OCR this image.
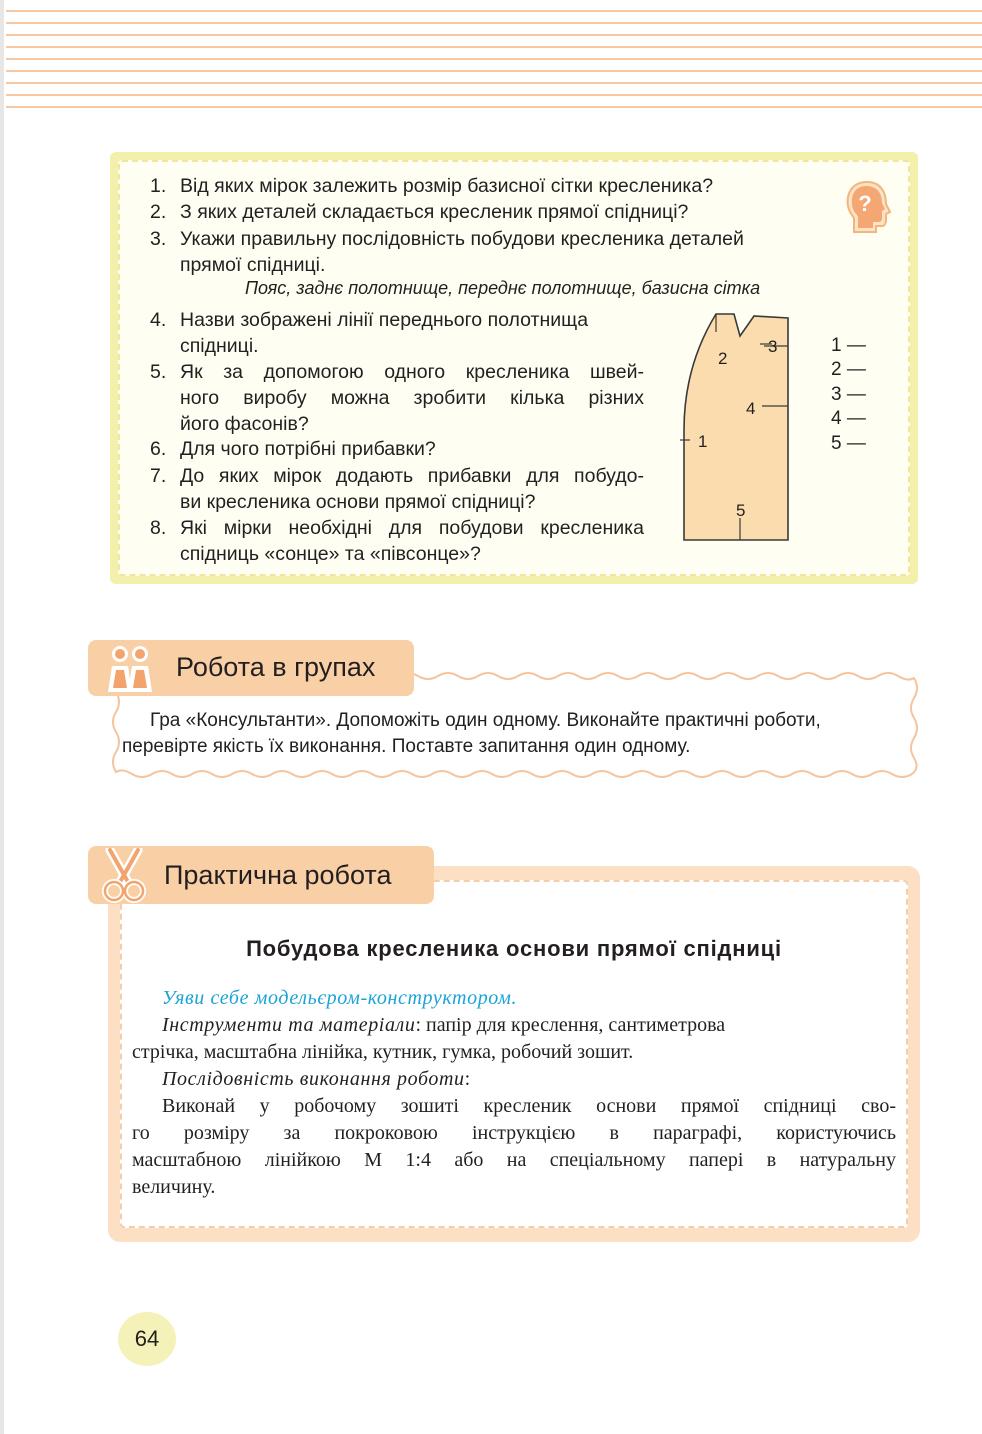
?
1. Від яких мірок залежить розмір базисної сітки кресленика?
2. З яких деталей складається кресленик прямої спідниці?
3. Укажи правильну послідовність побудови кресленика деталей
прямої спідниці.
Пояс, заднє полотнище, переднє полотнище, базисна сітка
4. Назви зображені лінії переднього полотнища
спідниці.
5. Як за допомогою одного кресленика швей-
ного виробу можна зробити кілька різних
його фасонів?
6. Для чого потрібні прибавки?
7. До яких мірок додають прибавки для побудо-
ви кресленика основи прямої спідниці?
8. Які мірки необхідні для побудови кресленика
спідниць «сонце» та «півсонце»?
1
2
3
4
5
1 —
2 —
3 —
4 —
5 —
Робота в групах
Гра «Консультанти». Допоможіть один одному. Виконайте практичні роботи,
перевірте якість їх виконання. Поставте запитання один одному.
Практична робота
Побудова кресленика основи прямої спідниці
Уяви себе модельєром-конструктором.
Інструменти та матеріали: папір для креслення, сантиметрова
стрічка, масштабна лінійка, кутник, гумка, робочий зошит.
Послідовність виконання роботи:
Виконай у робочому зошиті кресленик основи прямої спідниці сво-
го розміру за покроковою інструкцією в параграфі, користуючись
масштабною лінійкою М 1:4 або на спеціальному папері в натуральну
величину.
64
